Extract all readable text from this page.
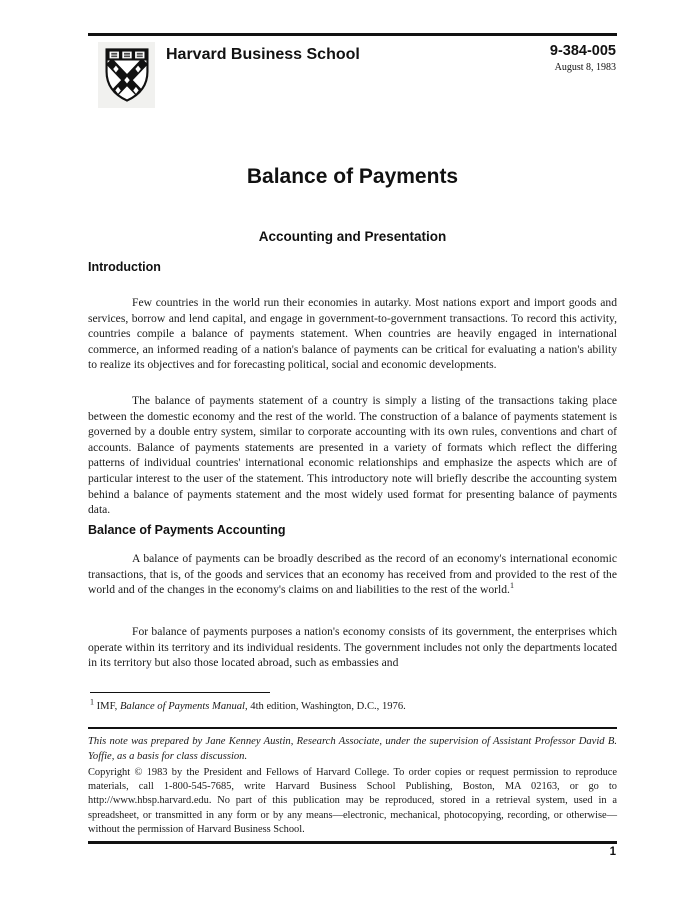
Harvard Business School	9-384-005
August 8, 1983
Balance of Payments
Accounting and Presentation
Introduction

Few countries in the world run their economies in autarky. Most nations export and import goods and services, borrow and lend capital, and engage in government-to-government transactions. To record this activity, countries compile a balance of payments statement. When countries are heavily engaged in international commerce, an informed reading of a nation's balance of payments can be critical for evaluating a nation's ability to realize its objectives and for forecasting political, social and economic developments.

The balance of payments statement of a country is simply a listing of the transactions taking place between the domestic economy and the rest of the world. The construction of a balance of payments statement is governed by a double entry system, similar to corporate accounting with its own rules, conventions and chart of accounts. Balance of payments statements are presented in a variety of formats which reflect the differing patterns of individual countries' international economic relationships and emphasize the aspects which are of particular interest to the user of the statement. This introductory note will briefly describe the accounting system behind a balance of payments statement and the most widely used format for presenting balance of payments data.

Balance of Payments Accounting

A balance of payments can be broadly described as the record of an economy's international economic transactions, that is, of the goods and services that an economy has received from and provided to the rest of the world and of the changes in the economy's claims on and liabilities to the rest of the world.$^1$

For balance of payments purposes a nation's economy consists of its government, the enterprises which operate within its territory and its individual residents. The government includes not only the departments located in its territory but also those located abroad, such as embassies and

$^1$ IMF, Balance of Payments Manual, 4th edition, Washington, D.C., 1976.

This note was prepared by Jane Kenney Austin, Research Associate, under the supervision of Assistant Professor David B. Yoffie, as a basis for class discussion.

Copyright © 1983 by the President and Fellows of Harvard College. To order copies or request permission to reproduce materials, call 1-800-545-7685, write Harvard Business School Publishing, Boston, MA 02163, or go to http://www.hbsp.harvard.edu. No part of this publication may be reproduced, stored in a retrieval system, used in a spreadsheet, or transmitted in any form or by any means—electronic, mechanical, photocopying, recording, or otherwise—without the permission of Harvard Business School.

1
